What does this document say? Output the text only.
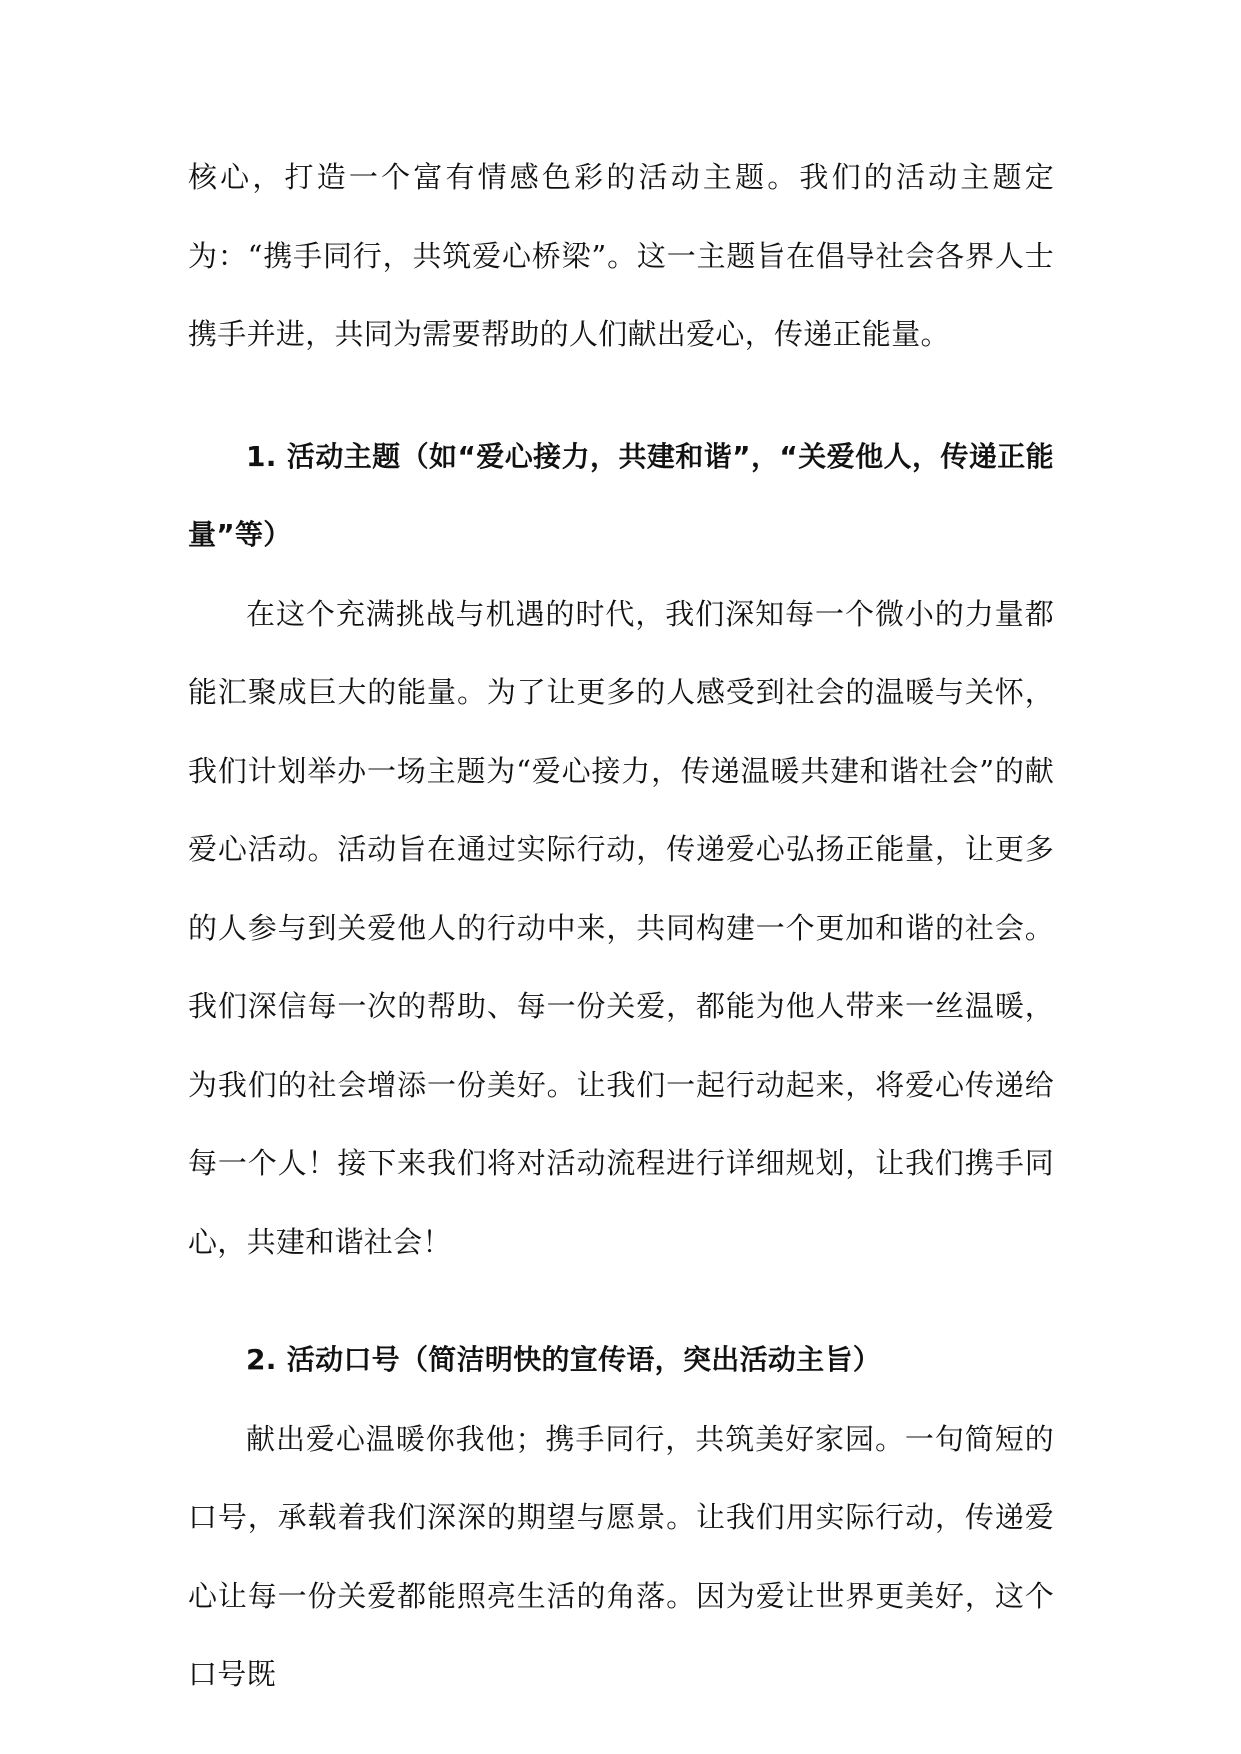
核心，打造一个富有情感色彩的活动主题。我们的活动主题定为：“携手同行，共筑爱心桥梁”。这一主题旨在倡导社会各界人士携手并进，共同为需要帮助的人们献出爱心，传递正能量。

1. 活动主题（如“爱心接力，共建和谐”，“关爱他人，传递正能量”等）

在这个充满挑战与机遇的时代，我们深知每一个微小的力量都能汇聚成巨大的能量。为了让更多的人感受到社会的温暖与关怀，我们计划举办一场主题为“爱心接力，传递温暖共建和谐社会”的献爱心活动。活动旨在通过实际行动，传递爱心弘扬正能量，让更多的人参与到关爱他人的行动中来，共同构建一个更加和谐的社会。我们深信每一次的帮助、每一份关爱，都能为他人带来一丝温暖，为我们的社会增添一份美好。让我们一起行动起来，将爱心传递给每一个人！接下来我们将对活动流程进行详细规划，让我们携手同心，共建和谐社会！

2. 活动口号（简洁明快的宣传语，突出活动主旨）

献出爱心温暖你我他；携手同行，共筑美好家园。一句简短的口号，承载着我们深深的期望与愿景。让我们用实际行动，传递爱心让每一份关爱都能照亮生活的角落。因为爱让世界更美好，这个口号既
